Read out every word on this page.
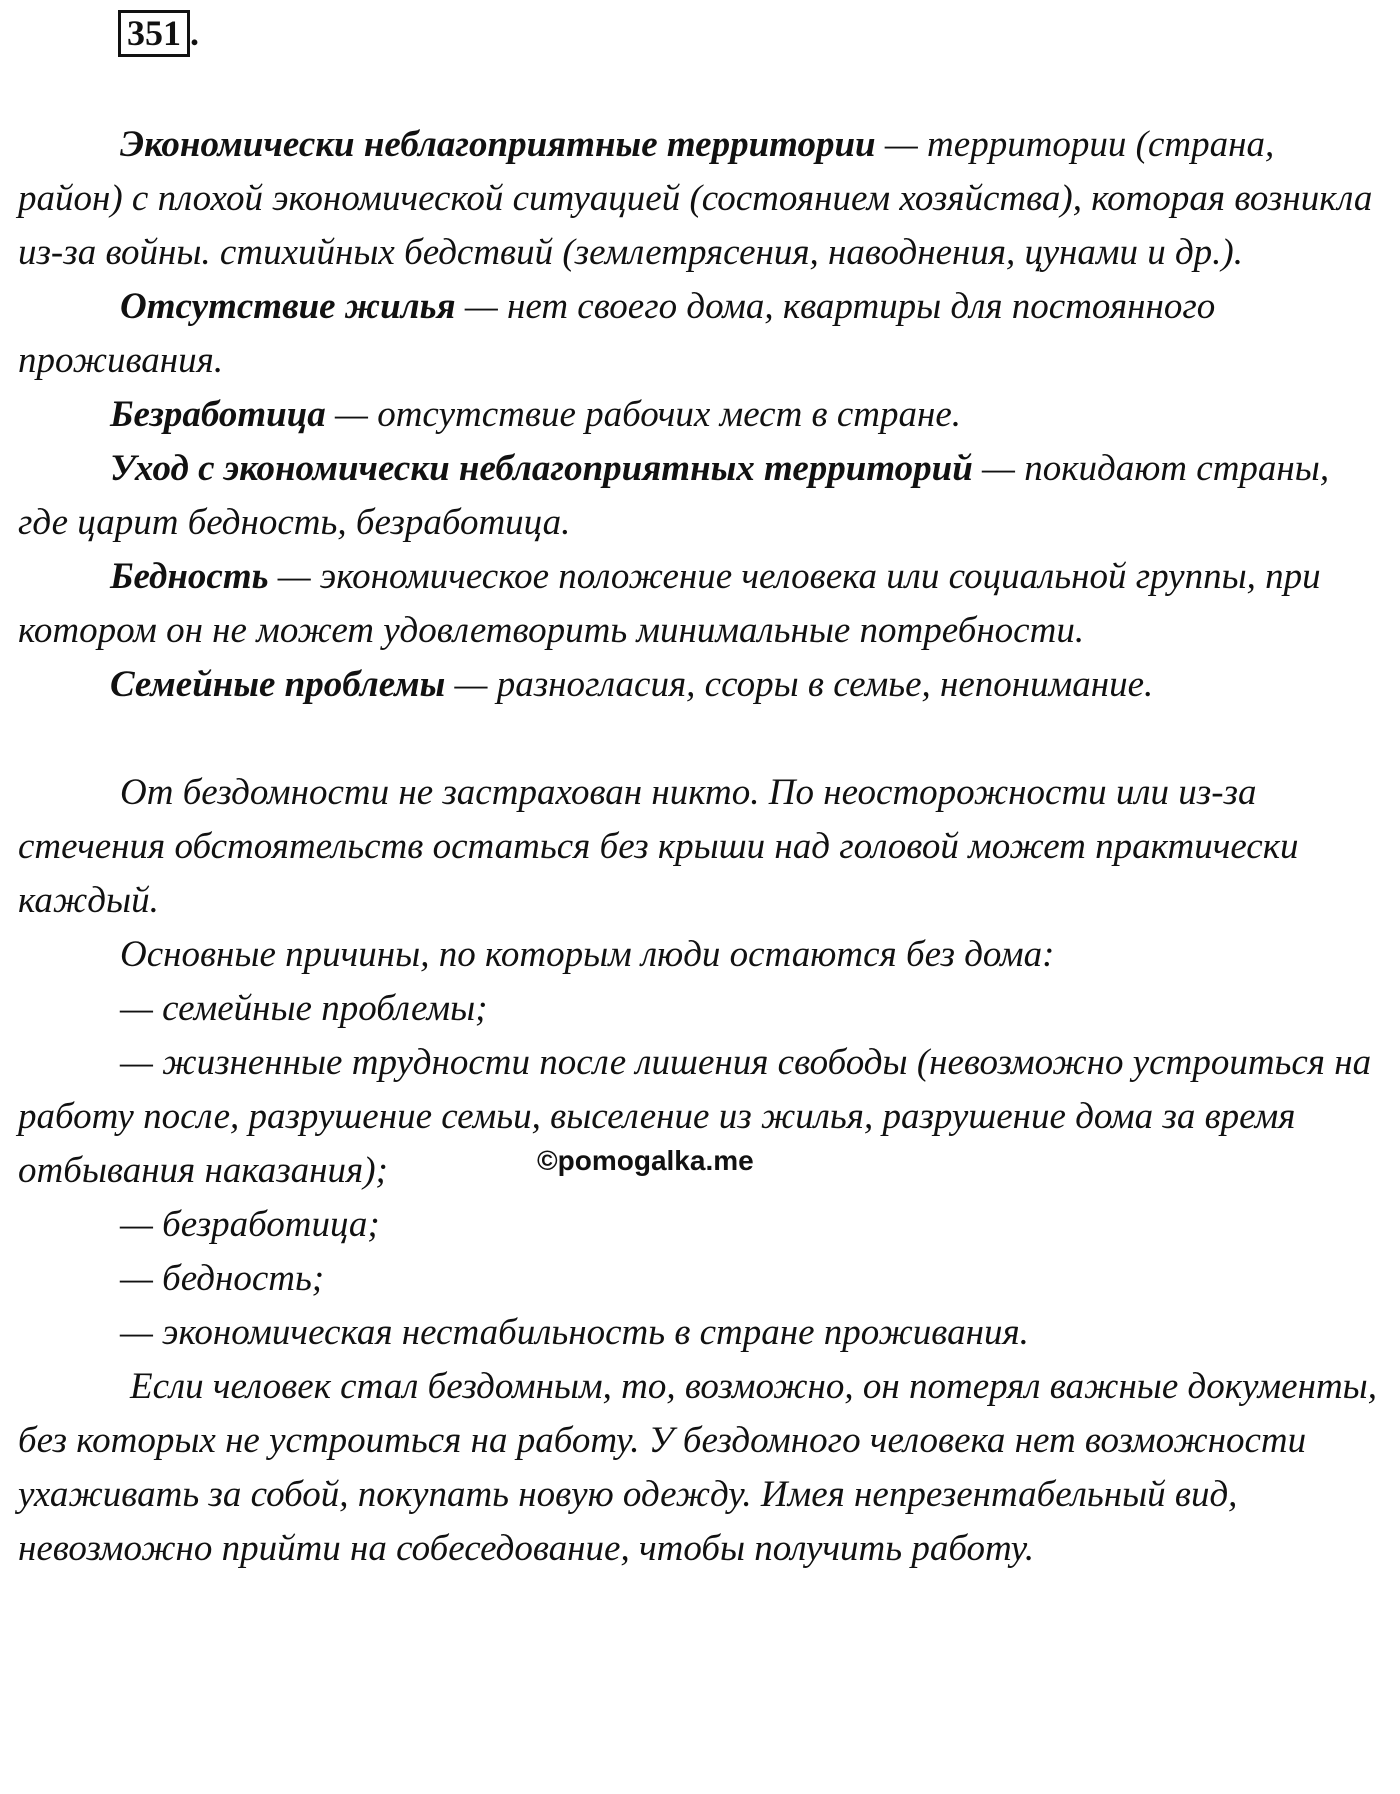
351 .

Экономически неблагоприятные территории — территории (страна,

район) с плохой экономической ситуацией (состоянием хозяйства), которая возникла из-за войны. стихийных бедствий (землетрясения, наводнения, цунами и др.).

Отсутствие жилья — нет своего дома, квартиры для постоянного проживания.

Безработица — отсутствие рабочих мест в стране.

Уход с экономически неблагоприятных территорий — покидают страны, где царит бедность, безработица.

Бедность — экономическое положение человека или социальной группы, при котором он не может удовлетворить минимальные потребности.

Семейные проблемы — разногласия, ссоры в семье, непонимание.

От бездомности не застрахован никто. По неосторожности или из-за стечения обстоятельств остаться без крыши над головой может практически каждый.

Основные причины, по которым люди остаются без дома:

— семейные проблемы;

— жизненные трудности после лишения свободы (невозможно устроиться на работу после, разрушение семьи, выселение из жилья, разрушение дома за время отбывания наказания);

— безработица;

— бедность;

— экономическая нестабильность в стране проживания.

Если человек стал бездомным, то, возможно, он потерял важные документы, без которых не устроиться на работу. У бездомного человека нет возможности ухаживать за собой, покупать новую одежду. Имея непрезентабельный вид, невозможно прийти на собеседование, чтобы получить работу.

©pomogalka.me
